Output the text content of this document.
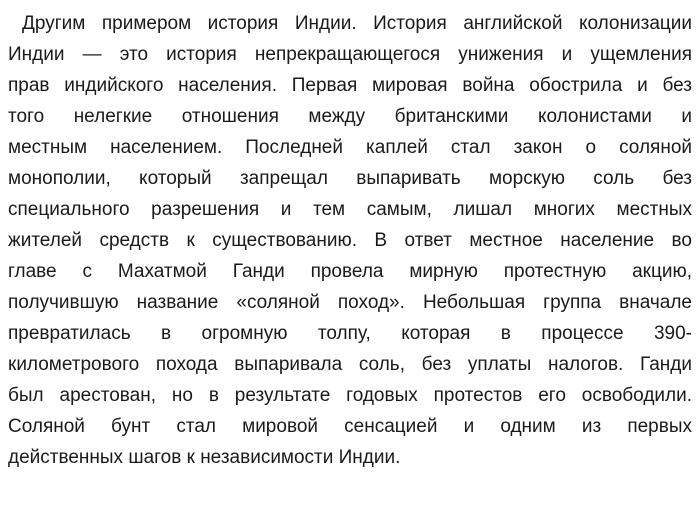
Другим примером история Индии. История английской колонизации
Индии — это история непрекращающегося унижения и ущемления
прав индийского населения. Первая мировая война обострила и без
того нелегкие отношения между британскими колонистами и
местным населением. Последней каплей стал закон о соляной
монополии, который запрещал выпаривать морскую соль без
специального разрешения и тем самым, лишал многих местных
жителей средств к существованию. В ответ местное население во
главе с Махатмой Ганди провела мирную протестную акцию,
получившую название «соляной поход». Небольшая группа вначале
превратилась в огромную толпу, которая в процессе 390-
километрового похода выпаривала соль, без уплаты налогов. Ганди
был арестован, но в результате годовых протестов его освободили.
Соляной бунт стал мировой сенсацией и одним из первых
действенных шагов к независимости Индии.
